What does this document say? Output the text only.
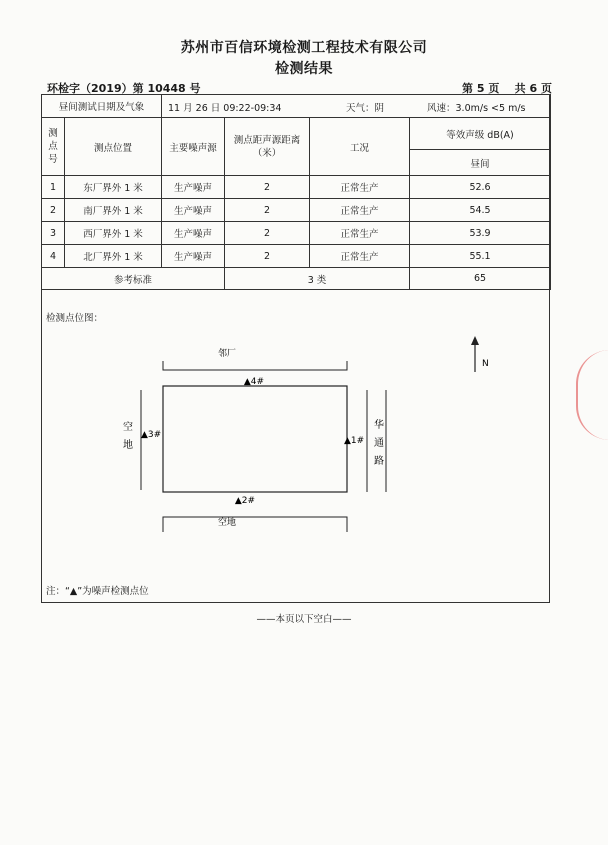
苏州市百信环境检测工程技术有限公司
检测结果
环检字（2019）第 10448 号	第 5 页    共 6 页
昼间测试日期及气象		11 月 26 日 09:22-09:34 天气：阴 风速：3.0m/s <5 m/s			

测点号	测点位置	主要噪声源	测点距声源距离（米）	工况	等效声级 dB(A)
					昼间
1	东厂界外 1 米	生产噪声	2	正常生产	52.6
2	南厂界外 1 米	生产噪声	2	正常生产	54.5
3	西厂界外 1 米	生产噪声	2	正常生产	53.9
4	北厂界外 1 米	生产噪声	2	正常生产	55.1
参考标准			3 类		65
检测点位图：
N
邻厂
▲4#
空
地
▲3#
▲1#
华
通
路
▲2#
空地
注：“▲”为噪声检测点位
——本页以下空白——
